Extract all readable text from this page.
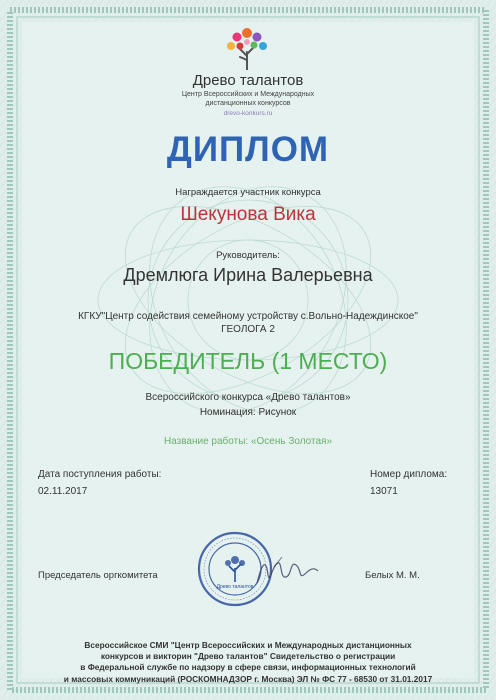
Древо талантов
Центр Всероссийских и Международных
дистанционных конкурсов
drevo-konkurs.ru
ДИПЛОМ
Награждается участник конкурса
Шекунова Вика
Руководитель:
Дремлюга Ирина Валерьевна
КГКУ"Центр содействия семейному устройству с.Вольно-Надеждинское"
ГЕОЛОГА 2
ПОБЕДИТЕЛЬ (1 МЕСТО)
Всероссийского конкурса «Древо талантов»
Номинация: Рисунок
Название работы: «Осень Золотая»
Дата поступления работы:
02.11.2017
Номер диплома:
13071
Древо талантов
Председатель оргкомитета	Белых М. М.
Всероссийское СМИ "Центр Всероссийских и Международных дистанционных
конкурсов и викторин "Древо талантов" Свидетельство о регистрации
в Федеральной службе по надзору в сфере связи, информационных технологий
и массовых коммуникаций (РОСКОМНАДЗОР г. Москва) ЭЛ № ФС 77 - 68530 от 31.01.2017
